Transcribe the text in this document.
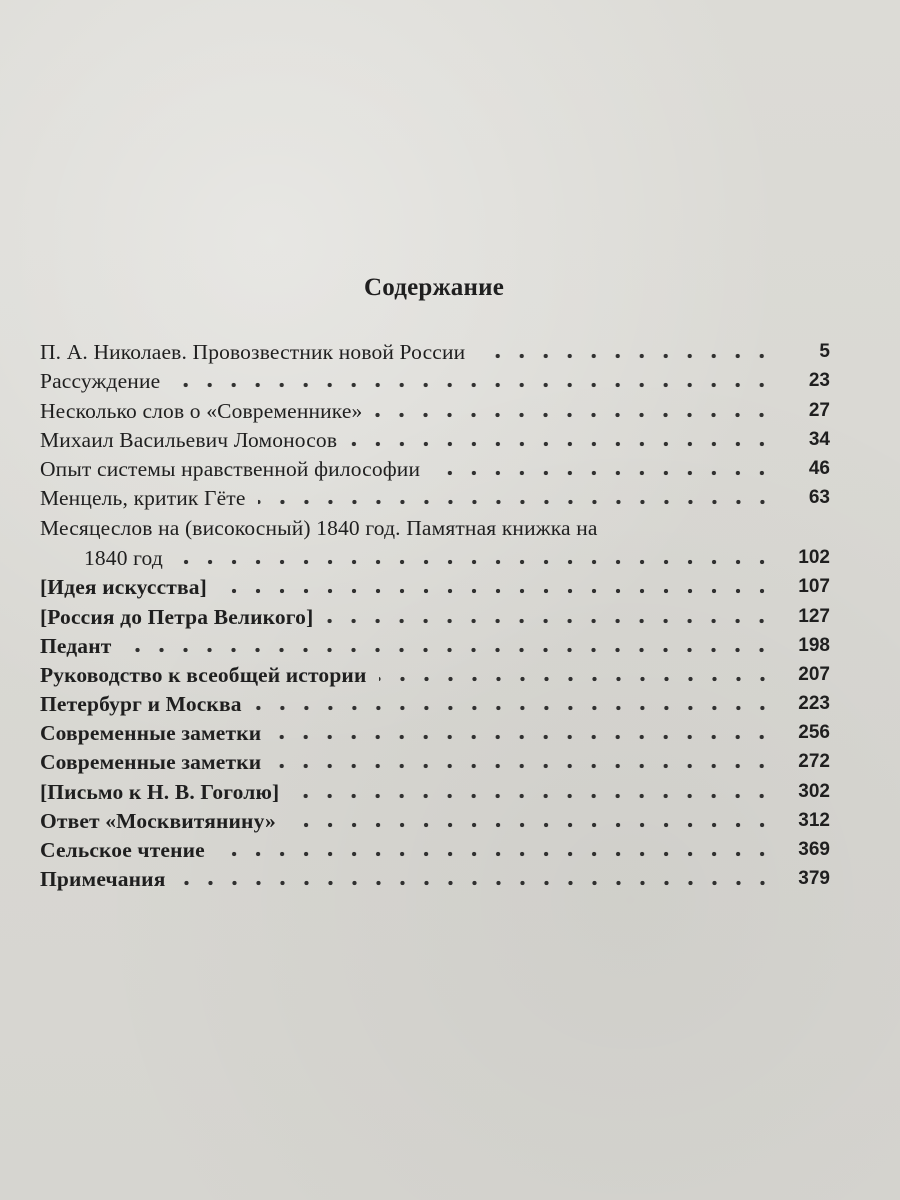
Содержание
П. А. Николаев. Провозвестник новой России	5
Рассуждение	23
Несколько слов о «Современнике»	27
Михаил Васильевич Ломоносов	34
Опыт системы нравственной философии	46
Менцель, критик Гёте	63
Месяцеслов на (високосный) 1840 год. Памятная книжка на
1840 год	102
[Идея искусства]	107
[Россия до Петра Великого]	127
Педант	198
Руководство к всеобщей истории	207
Петербург и Москва	223
Современные заметки	256
Современные заметки	272
[Письмо к Н. В. Гоголю]	302
Ответ «Москвитянину»	312
Сельское чтение	369
Примечания	379
